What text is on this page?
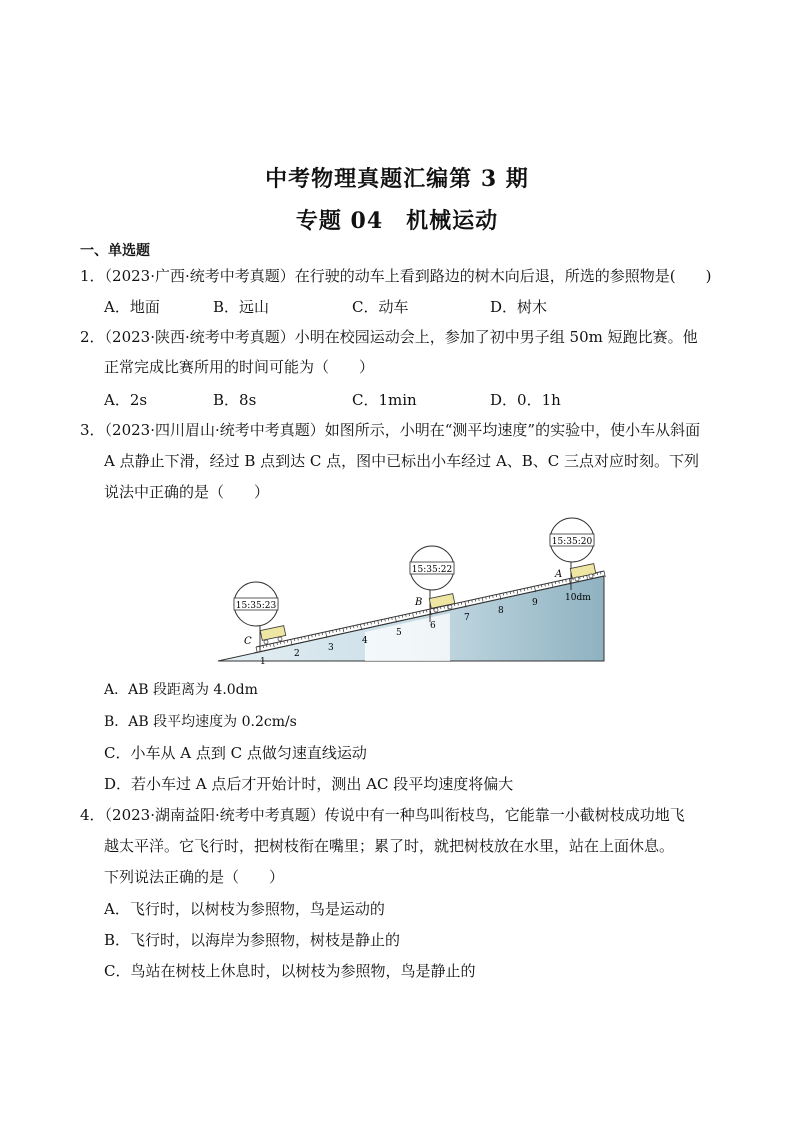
中考物理真题汇编第 3 期
专题 04　机械运动
一、单选题
1．（2023·广西·统考中考真题）在行驶的动车上看到路边的树木向后退，所选的参照物是(　　)
A．地面	B．远山	C．动车	D．树木
2．（2023·陕西·统考中考真题）小明在校园运动会上，参加了初中男子组 50m 短跑比赛。他
正常完成比赛所用的时间可能为（　　）
A．2s	B．8s	C．1min	D．0．1h
3．（2023·四川眉山·统考中考真题）如图所示，小明在“测平均速度”的实验中，使小车从斜面
A 点静止下滑，经过 B 点到达 C 点，图中已标出小车经过 A、B、C 三点对应时刻。下列
说法中正确的是（　　）
1
2
3
4
5
6
7
8
9	10dm
C
15:35:23	B
15:35:22	A
15:35:20
A．AB 段距离为 4.0dm
B．AB 段平均速度为 0.2cm/s
C．小车从 A 点到 C 点做匀速直线运动
D．若小车过 A 点后才开始计时，测出 AC 段平均速度将偏大
4．（2023·湖南益阳·统考中考真题）传说中有一种鸟叫衔枝鸟，它能靠一小截树枝成功地飞
越太平洋。它飞行时，把树枝衔在嘴里；累了时，就把树枝放在水里，站在上面休息。
下列说法正确的是（　　）
A．飞行时，以树枝为参照物，鸟是运动的
B．飞行时，以海岸为参照物，树枝是静止的
C．鸟站在树枝上休息时，以树枝为参照物，鸟是静止的
